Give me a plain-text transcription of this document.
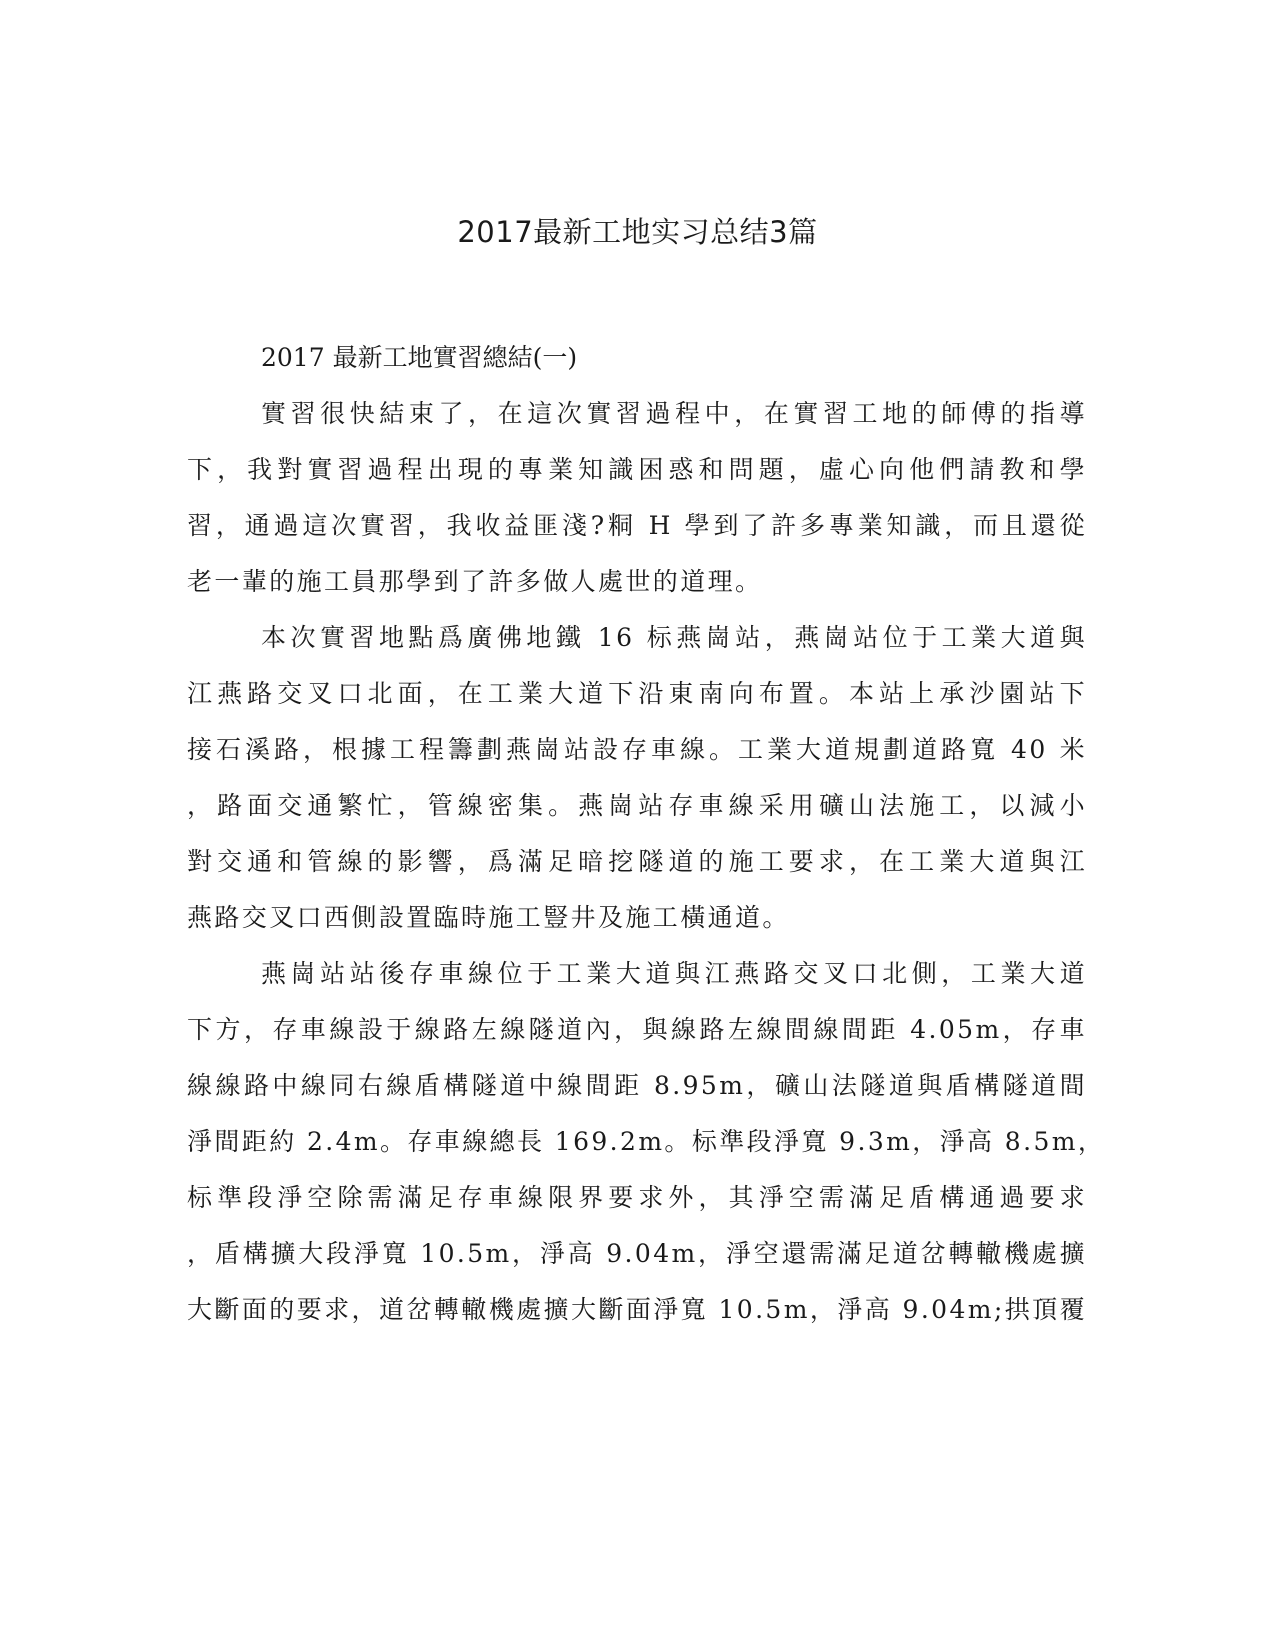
2017最新工地实习总结3篇
2017 最新工地實習總結(一)
實習很快結束了，在這次實習過程中，在實習工地的師傅的指導
下，我對實習過程出現的專業知識困惑和問題，虛心向他們請教和學
習，通過這次實習，我收益匪淺?粡 H 學到了許多專業知識，而且還從
老一輩的施工員那學到了許多做人處世的道理。
本次實習地點爲廣佛地鐵 16 标燕崗站，燕崗站位于工業大道與
江燕路交叉口北面，在工業大道下沿東南向布置。本站上承沙園站下
接石溪路，根據工程籌劃燕崗站設存車線。工業大道規劃道路寬 40 米
，路面交通繁忙，管線密集。燕崗站存車線采用礦山法施工，以減小
對交通和管線的影響，爲滿足暗挖隧道的施工要求，在工業大道與江
燕路交叉口西側設置臨時施工豎井及施工橫通道。
燕崗站站後存車線位于工業大道與江燕路交叉口北側，工業大道
下方，存車線設于線路左線隧道內，與線路左線間線間距 4.05m，存車
線線路中線同右線盾構隧道中線間距 8.95m，礦山法隧道與盾構隧道間
淨間距約 2.4m。存車線總長 169.2m。标準段淨寬 9.3m，淨高 8.5m，
标準段淨空除需滿足存車線限界要求外，其淨空需滿足盾構通過要求
，盾構擴大段淨寬 10.5m，淨高 9.04m，淨空還需滿足道岔轉轍機處擴
大斷面的要求，道岔轉轍機處擴大斷面淨寬 10.5m，淨高 9.04m;拱頂覆
